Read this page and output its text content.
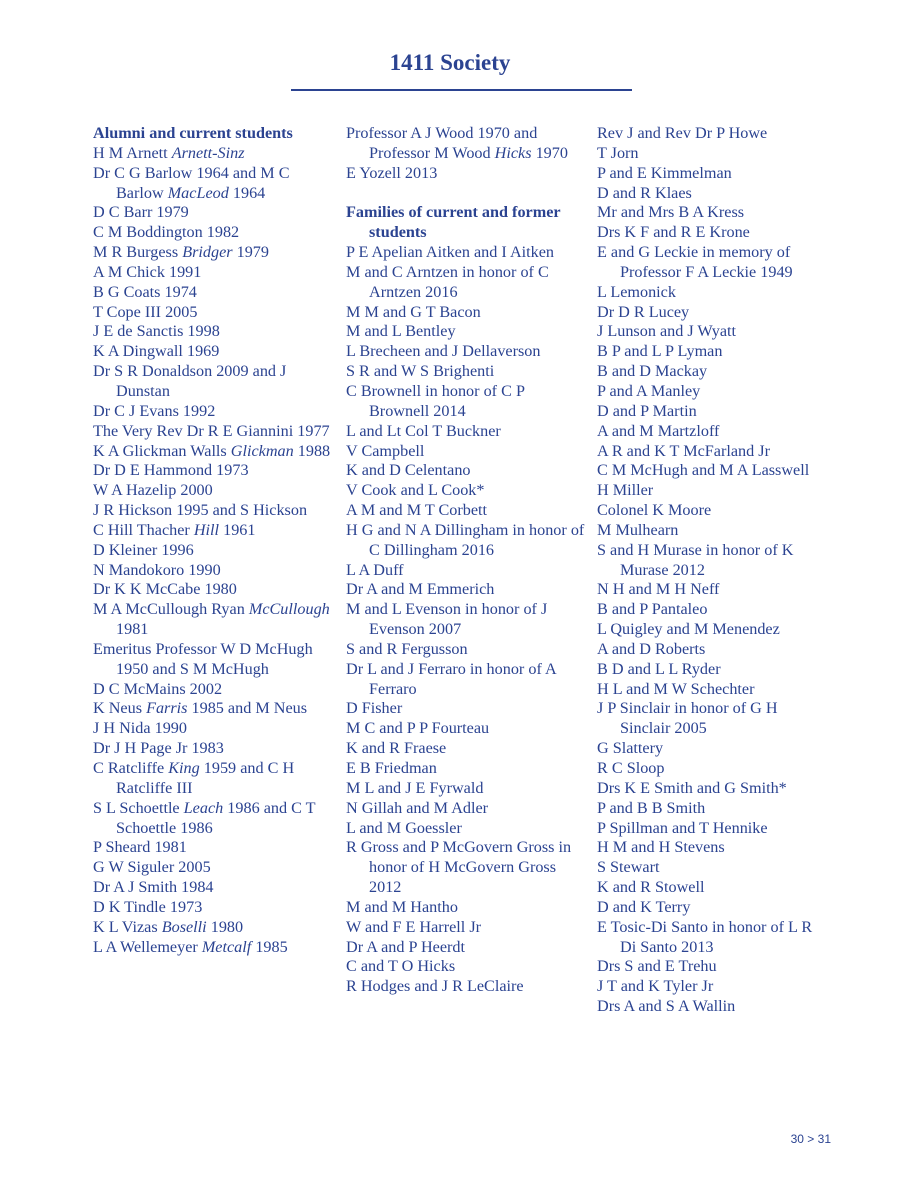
1411 Society
Alumni and current students
H M Arnett Arnett-Sinz
Dr C G Barlow 1964 and M C Barlow MacLeod 1964
D C Barr 1979
C M Boddington 1982
M R Burgess Bridger 1979
A M Chick 1991
B G Coats 1974
T Cope III 2005
J E de Sanctis 1998
K A Dingwall 1969
Dr S R Donaldson 2009 and J Dunstan
Dr C J Evans 1992
The Very Rev Dr R E Giannini 1977
K A Glickman Walls Glickman 1988
Dr D E Hammond 1973
W A Hazelip 2000
J R Hickson 1995 and S Hickson
C Hill Thacher Hill 1961
D Kleiner 1996
N Mandokoro 1990
Dr K K McCabe 1980
M A McCullough Ryan McCullough 1981
Emeritus Professor W D McHugh 1950 and S M McHugh
D C McMains 2002
K Neus Farris 1985 and M Neus
J H Nida 1990
Dr J H Page Jr 1983
C Ratcliffe King 1959 and C H Ratcliffe III
S L Schoettle Leach 1986 and C T Schoettle 1986
P Sheard 1981
G W Siguler 2005
Dr A J Smith 1984
D K Tindle 1973
K L Vizas Boselli 1980
L A Wellemeyer Metcalf 1985
Professor A J Wood 1970 and Professor M Wood Hicks 1970
E Yozell 2013
Families of current and former students
P E Apelian Aitken and I Aitken
M and C Arntzen in honor of C Arntzen 2016
M M and G T Bacon
M and L Bentley
L Brecheen and J Dellaverson
S R and W S Brighenti
C Brownell in honor of C P Brownell 2014
L and Lt Col T Buckner
V Campbell
K and D Celentano
V Cook and L Cook*
A M and M T Corbett
H G and N A Dillingham in honor of C Dillingham 2016
L A Duff
Dr A and M Emmerich
M and L Evenson in honor of J Evenson 2007
S and R Fergusson
Dr L and J Ferraro in honor of A Ferraro
D Fisher
M C and P P Fourteau
K and R Fraese
E B Friedman
M L and J E Fyrwald
N Gillah and M Adler
L and M Goessler
R Gross and P McGovern Gross in honor of H McGovern Gross 2012
M and M Hantho
W and F E Harrell Jr
Dr A and P Heerdt
C and T O Hicks
R Hodges and J R LeClaire
Rev J and Rev Dr P Howe
T Jorn
P and E Kimmelman
D and R Klaes
Mr and Mrs B A Kress
Drs K F and R E Krone
E and G Leckie in memory of Professor F A Leckie 1949
L Lemonick
Dr D R Lucey
J Lunson and J Wyatt
B P and L P Lyman
B and D Mackay
P and A Manley
D and P Martin
A and M Martzloff
A R and K T McFarland Jr
C M McHugh and M A Lasswell
H Miller
Colonel K Moore
M Mulhearn
S and H Murase in honor of K Murase 2012
N H and M H Neff
B and P Pantaleo
L Quigley and M Menendez
A and D Roberts
B D and L L Ryder
H L and M W Schechter
J P Sinclair in honor of G H Sinclair 2005
G Slattery
R C Sloop
Drs K E Smith and G Smith*
P and B B Smith
P Spillman and T Hennike
H M and H Stevens
S Stewart
K and R Stowell
D and K Terry
E Tosic-Di Santo in honor of L R Di Santo 2013
Drs S and E Trehu
J T and K Tyler Jr
Drs A and S A Wallin
30 > 31
